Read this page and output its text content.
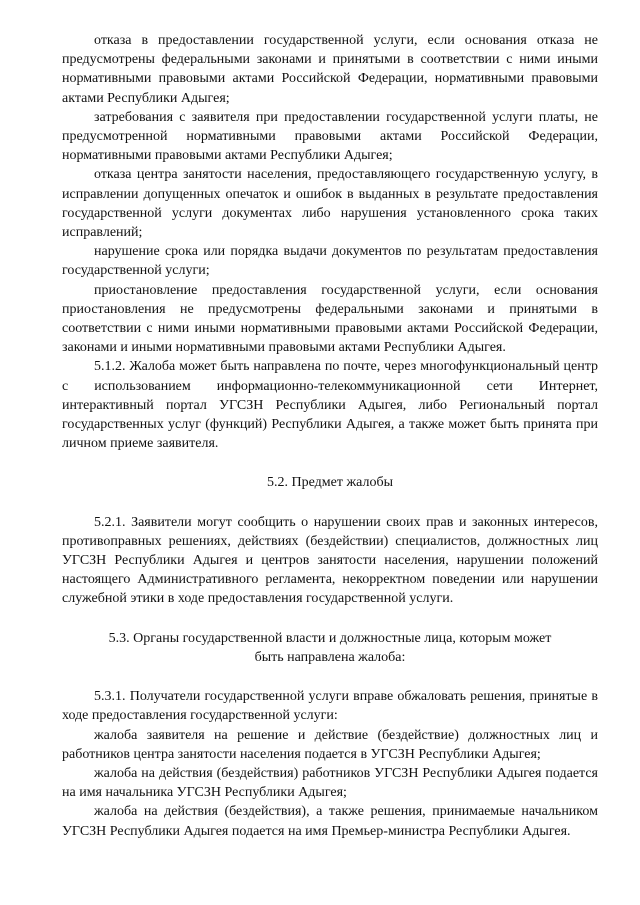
отказа в предоставлении государственной услуги, если основания отказа не предусмотрены федеральными законами и принятыми в соответствии с ними иными нормативными правовыми актами Российской Федерации, нормативными правовыми актами Республики Адыгея;

затребования с заявителя при предоставлении государственной услуги платы, не предусмотренной нормативными правовыми актами Российской Федерации, нормативными правовыми актами Республики Адыгея;

отказа центра занятости населения, предоставляющего государственную услугу, в исправлении допущенных опечаток и ошибок в выданных в результате предоставления государственной услуги документах либо нарушения установленного срока таких исправлений;

нарушение срока или порядка выдачи документов по результатам предоставления государственной услуги;

приостановление предоставления государственной услуги, если основания приостановления не предусмотрены федеральными законами и принятыми в соответствии с ними иными нормативными правовыми актами Российской Федерации, законами и иными нормативными правовыми актами Республики Адыгея.

5.1.2. Жалоба может быть направлена по почте, через многофункциональный центр с использованием информационно-телекоммуникационной сети Интернет, интерактивный портал УГСЗН Республики Адыгея, либо Региональный портал государственных услуг (функций) Республики Адыгея, а также может быть принята при личном приеме заявителя.

5.2. Предмет жалобы

5.2.1. Заявители могут сообщить о нарушении своих прав и законных интересов, противоправных решениях, действиях (бездействии) специалистов, должностных лиц УГСЗН Республики Адыгея и центров занятости населения, нарушении положений настоящего Административного регламента, некорректном поведении или нарушении служебной этики в ходе предоставления государственной услуги.

5.3. Органы государственной власти и должностные лица, которым может
быть направлена жалоба:

5.3.1. Получатели государственной услуги вправе обжаловать решения, принятые в ходе предоставления государственной услуги:

жалоба заявителя на решение и действие (бездействие) должностных лиц и работников центра занятости населения подается в УГСЗН Республики Адыгея;

жалоба на действия (бездействия) работников УГСЗН Республики Адыгея подается на имя начальника УГСЗН Республики Адыгея;

жалоба на действия (бездействия), а также решения, принимаемые начальником УГСЗН Республики Адыгея подается на имя Премьер-министра Республики Адыгея.
